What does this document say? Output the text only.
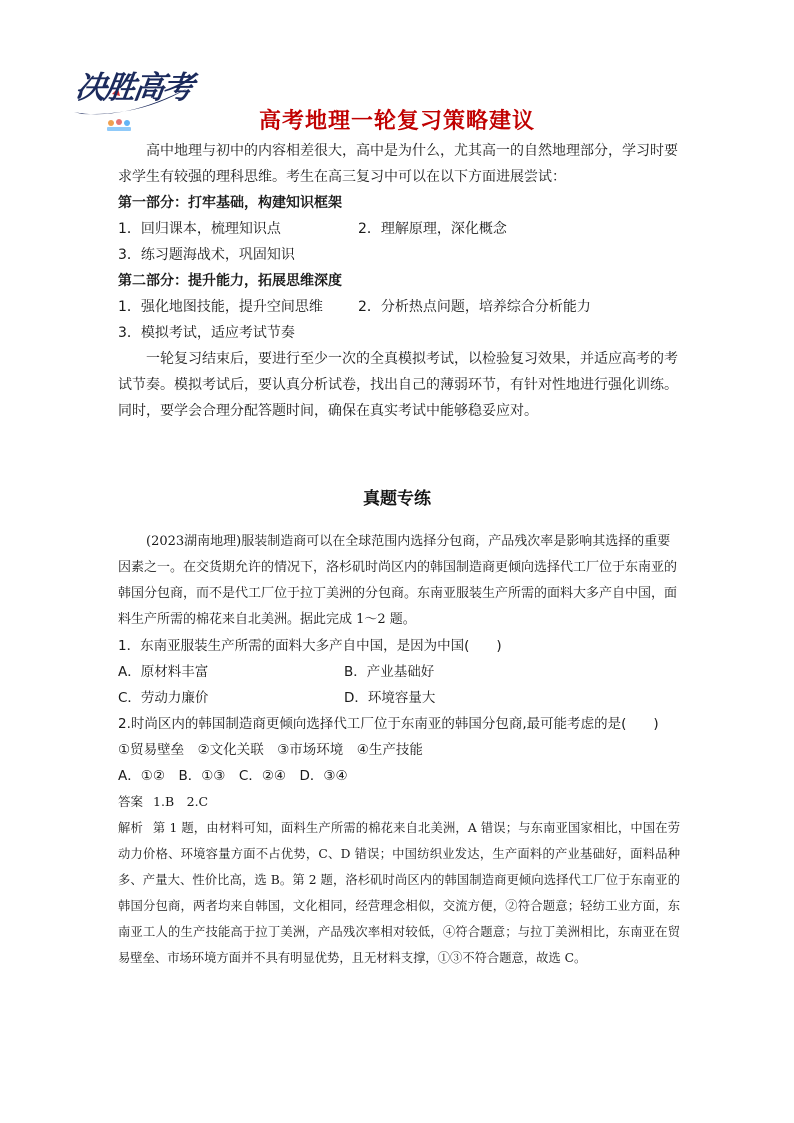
决胜高考
高考地理一轮复习策略建议
高中地理与初中的内容相差很大，高中是为什么，尤其高一的自然地理部分，学习时要求学生有较强的理科思维。考生在高三复习中可以在以下方面进展尝试：
第一部分：打牢基础，构建知识框架
1．回归课本，梳理知识点	2．理解原理，深化概念
3．练习题海战术，巩固知识
第二部分：提升能力，拓展思维深度
1．强化地图技能，提升空间思维	2．分析热点问题，培养综合分析能力
3．模拟考试，适应考试节奏
一轮复习结束后，要进行至少一次的全真模拟考试，以检验复习效果，并适应高考的考试节奏。模拟考试后，要认真分析试卷，找出自己的薄弱环节，有针对性地进行强化训练。同时，要学会合理分配答题时间，确保在真实考试中能够稳妥应对。
真题专练
(2023湖南地理)服装制造商可以在全球范围内选择分包商，产品残次率是影响其选择的重要因素之一。在交货期允许的情况下，洛杉矶时尚区内的韩国制造商更倾向选择代工厂位于东南亚的韩国分包商，而不是代工厂位于拉丁美洲的分包商。东南亚服装生产所需的面料大多产自中国，面料生产所需的棉花来自北美洲。据此完成 1～2 题。
1．东南亚服装生产所需的面料大多产自中国，是因为中国(　　)
A．原材料丰富	B．产业基础好
C．劳动力廉价	D．环境容量大
2.时尚区内的韩国制造商更倾向选择代工厂位于东南亚的韩国分包商,最可能考虑的是(　　)
①贸易壁垒　②文化关联　③市场环境　④生产技能
A．①②　B．①③　C．②④　D．③④
答案 1.B　2.C
解析 第 1 题，由材料可知，面料生产所需的棉花来自北美洲，A 错误；与东南亚国家相比，中国在劳动力价格、环境容量方面不占优势，C、D 错误；中国纺织业发达，生产面料的产业基础好，面料品种多、产量大、性价比高，选 B。第 2 题，洛杉矶时尚区内的韩国制造商更倾向选择代工厂位于东南亚的韩国分包商，两者均来自韩国，文化相同，经营理念相似，交流方便，②符合题意；轻纺工业方面，东南亚工人的生产技能高于拉丁美洲，产品残次率相对较低，④符合题意；与拉丁美洲相比，东南亚在贸易壁垒、市场环境方面并不具有明显优势，且无材料支撑，①③不符合题意，故选 C。
